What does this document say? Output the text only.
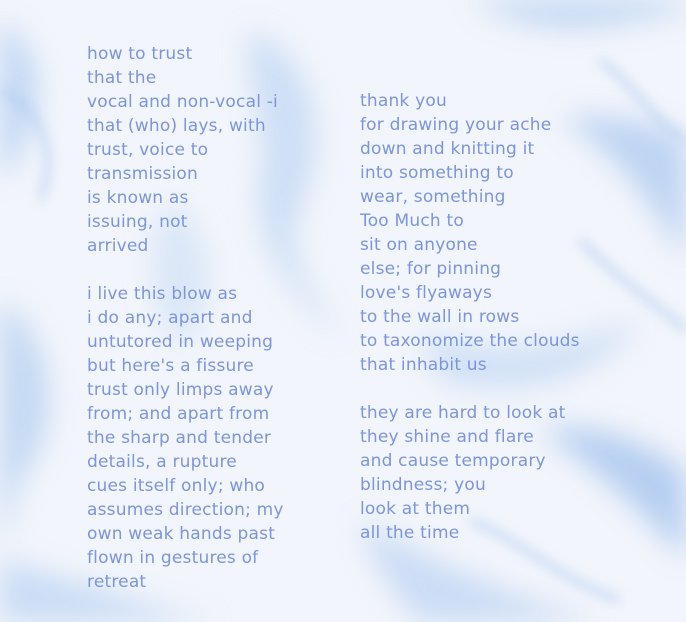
how to trust
that the
vocal and non-vocal -i
that (who) lays, with
trust, voice to
transmission
is known as
issuing, not
arrived
i live this blow as
i do any; apart and
untutored in weeping
but here's a fissure
trust only limps away
from; and apart from
the sharp and tender
details, a rupture
cues itself only; who
assumes direction; my
own weak hands past
flown in gestures of
retreat
thank you
for drawing your ache
down and knitting it
into something to
wear, something
Too Much to
sit on anyone
else; for pinning
love's flyaways
to the wall in rows
to taxonomize the clouds
that inhabit us
they are hard to look at
they shine and flare
and cause temporary
blindness; you
look at them
all the time
